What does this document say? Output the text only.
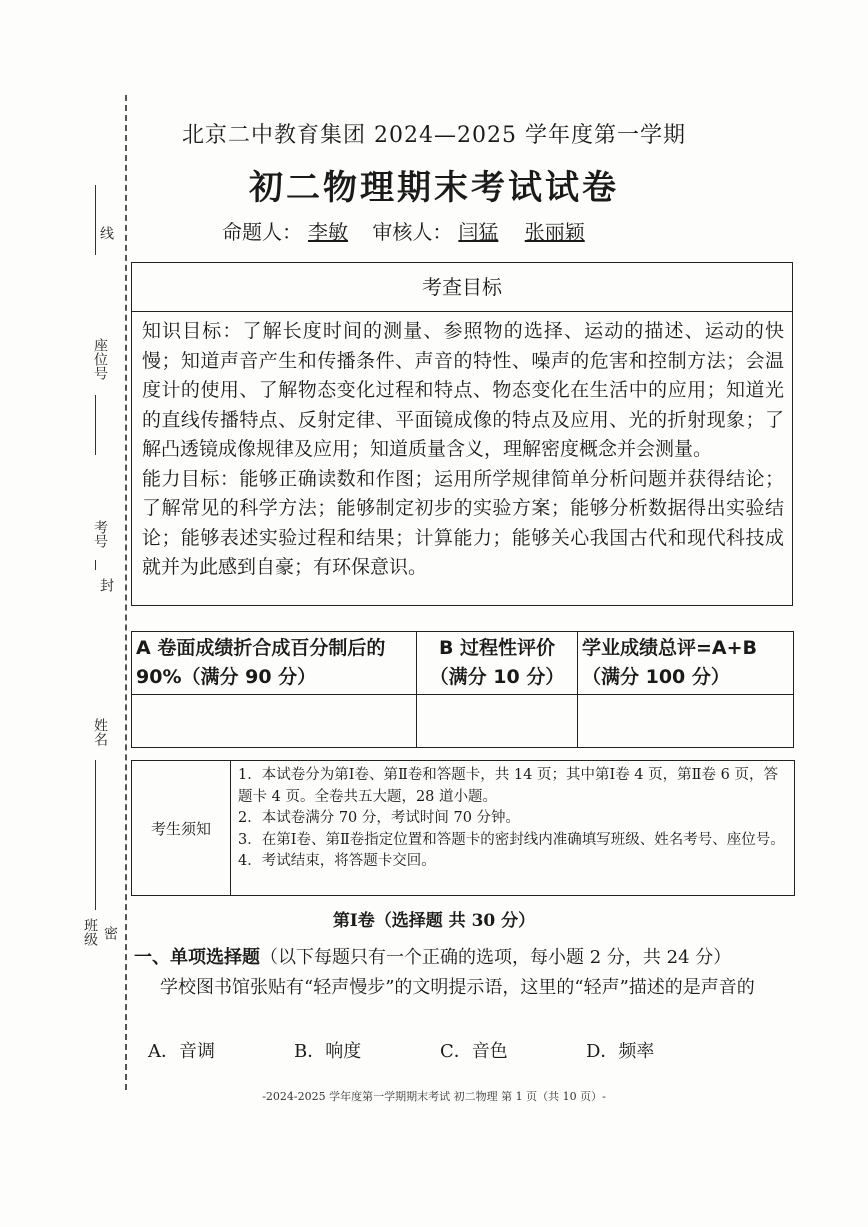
线
座位号
考号
封
姓名
班级 密
北京二中教育集团 2024—2025 学年度第一学期
初二物理期末考试试卷
命题人： 李敏 审核人： 闫猛 张丽颖
考查目标
知识目标：了解长度时间的测量、参照物的选择、运动的描述、运动的快慢；知道声音产生和传播条件、声音的特性、噪声的危害和控制方法；会温度计的使用、了解物态变化过程和特点、物态变化在生活中的应用；知道光的直线传播特点、反射定律、平面镜成像的特点及应用、光的折射现象；了解凸透镜成像规律及应用；知道质量含义，理解密度概念并会测量。
能力目标：能够正确读数和作图；运用所学规律简单分析问题并获得结论；了解常见的科学方法；能够制定初步的实验方案；能够分析数据得出实验结论；能够表述实验过程和结果；计算能力；能够关心我国古代和现代科技成就并为此感到自豪；有环保意识。
A 卷面成绩折合成百分制后的 90%（满分 90 分）	B 过程性评价（满分 10 分）	学业成绩总评=A+B（满分 100 分）

考生须知
1．本试卷分为第Ⅰ卷、第Ⅱ卷和答题卡，共 14 页；其中第Ⅰ卷 4 页，第Ⅱ卷 6 页，答题卡 4 页。全卷共五大题，28 道小题。
2．本试卷满分 70 分，考试时间 70 分钟。
3．在第Ⅰ卷、第Ⅱ卷指定位置和答题卡的密封线内准确填写班级、姓名考号、座位号。
4．考试结束，将答题卡交回。
第Ⅰ卷（选择题 共 30 分）
一、单项选择题（以下每题只有一个正确的选项，每小题 2 分，共 24 分）
学校图书馆张贴有“轻声慢步”的文明提示语，这里的“轻声”描述的是声音的
A．音调	B．响度	C．音色	D．频率
-2024-2025 学年度第一学期期末考试 初二物理 第 1 页（共 10 页）-
